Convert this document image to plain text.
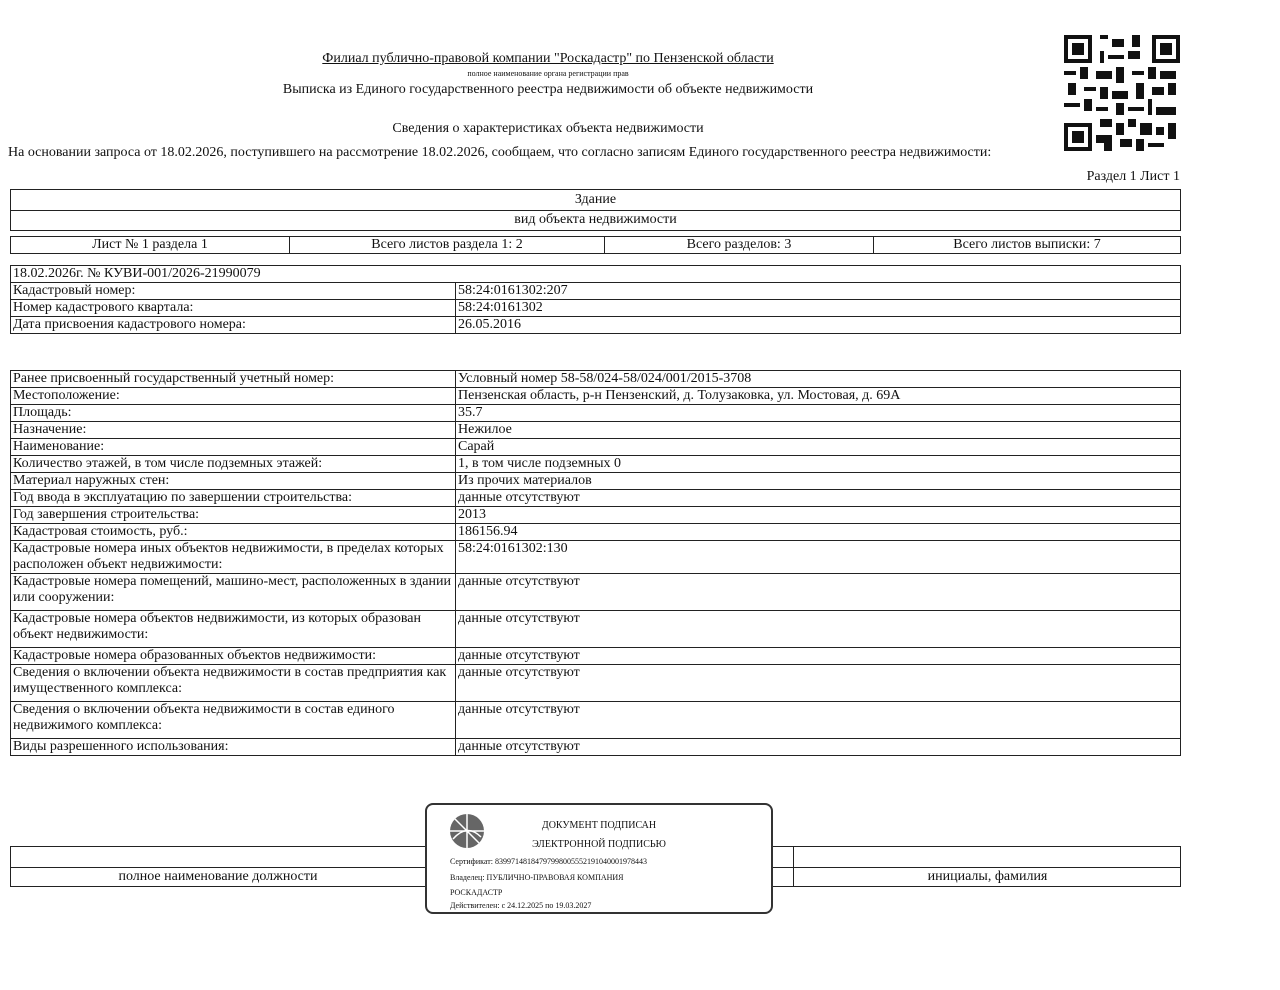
Филиал публично-правовой компании "Роскадастр" по Пензенской области
полное наименование органа регистрации прав
Выписка из Единого государственного реестра недвижимости об объекте недвижимости
Сведения о характеристиках объекта недвижимости
На основании запроса от 18.02.2026, поступившего на рассмотрение 18.02.2026, сообщаем, что согласно записям Единого государственного реестра недвижимости:
Раздел 1 Лист 1
Здание
вид объекта недвижимости
Лист № 1 раздела 1	Всего листов раздела 1: 2	Всего разделов: 3	Всего листов выписки: 7
18.02.2026г. № КУВИ-001/2026-21990079	
Кадастровый номер:	58:24:0161302:207
Номер кадастрового квартала:	58:24:0161302
Дата присвоения кадастрового номера:	26.05.2016
Ранее присвоенный государственный учетный номер:	Условный номер 58-58/024-58/024/001/2015-3708
Местоположение:	Пензенская область, р-н Пензенский, д. Толузаковка, ул. Мостовая, д. 69А
Площадь:	35.7
Назначение:	Нежилое
Наименование:	Сарай
Количество этажей, в том числе подземных этажей:	1, в том числе подземных 0
Материал наружных стен:	Из прочих материалов
Год ввода в эксплуатацию по завершении строительства:	данные отсутствуют
Год завершения строительства:	2013
Кадастровая стоимость, руб.:	186156.94
Кадастровые номера иных объектов недвижимости, в пределах которых расположен объект недвижимости:	58:24:0161302:130
Кадастровые номера помещений, машино-мест, расположенных в здании или сооружении:	данные отсутствуют
Кадастровые номера объектов недвижимости, из которых образован объект недвижимости:	данные отсутствуют
Кадастровые номера образованных объектов недвижимости:	данные отсутствуют
Сведения о включении объекта недвижимости в состав предприятия как имущественного комплекса:	данные отсутствуют
Сведения о включении объекта недвижимости в состав единого недвижимого комплекса:	данные отсутствуют
Виды разрешенного использования:	данные отсутствуют
полное наименование должности	инициалы, фамилия
ДОКУМЕНТ ПОДПИСАН
ЭЛЕКТРОННОЙ ПОДПИСЬЮ
Сертификат: 83997148184797998005552191040001978443
Владелец: ПУБЛИЧНО-ПРАВОВАЯ КОМПАНИЯ
РОСКАДАСТР
Действителен: с 24.12.2025 по 19.03.2027
